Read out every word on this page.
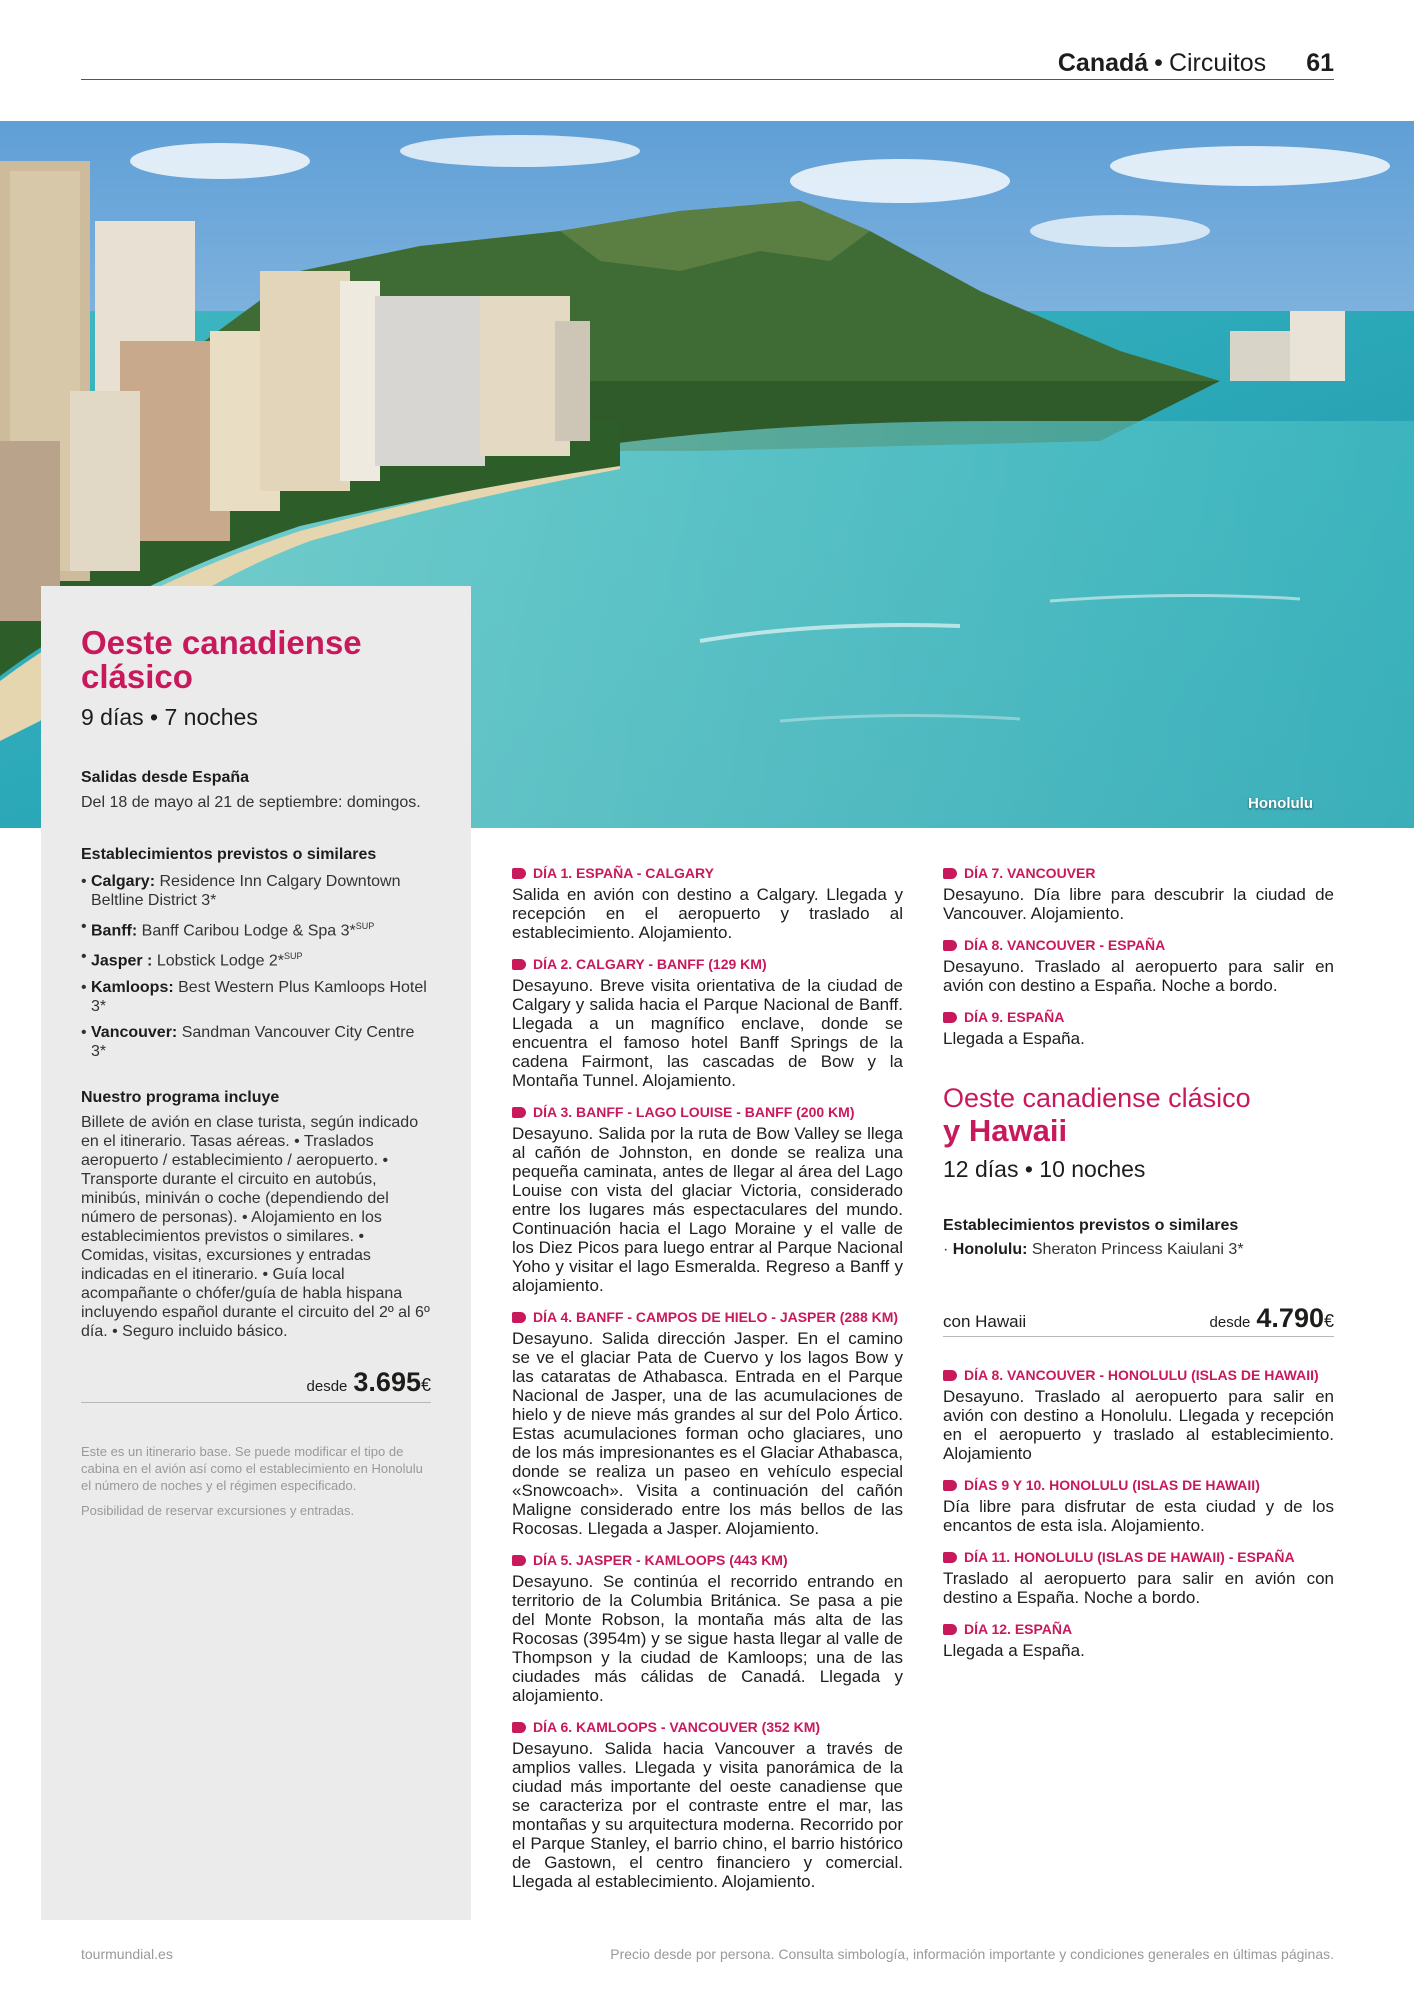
Canadá • Circuitos 61
Honolulu
Oeste canadiense
clásico
9 días • 7 noches
Salidas desde España
Del 18 de mayo al 21 de septiembre: domingos.
Establecimientos previstos o similares
• Calgary: Residence Inn Calgary Downtown Beltline District 3*
• Banff: Banff Caribou Lodge & Spa 3*$^{SUP}$
• Jasper : Lobstick Lodge 2*$^{SUP}$
• Kamloops: Best Western Plus Kamloops Hotel 3*
• Vancouver: Sandman Vancouver City Centre 3*
Nuestro programa incluye
Billete de avión en clase turista, según indicado en el itinerario. Tasas aéreas. • Traslados aeropuerto / establecimiento / aeropuerto. • Transporte durante el circuito en autobús, minibús, miniván o coche (dependiendo del número de personas). • Alojamiento en los establecimientos previstos o similares. • Comidas, visitas, excursiones y entradas indicadas en el itinerario. • Guía local acompañante o chófer/guía de habla hispana incluyendo español durante el circuito del 2º al 6º día. • Seguro incluido básico.
desde 3.695€
Este es un itinerario base. Se puede modificar el tipo de cabina en el avión así como el establecimiento en Honolulu el número de noches y el régimen especificado.
Posibilidad de reservar excursiones y entradas.
DÍA 1. ESPAÑA - CALGARY
Salida en avión con destino a Calgary. Llegada y recepción en el aeropuerto y traslado al establecimiento. Alojamiento.
DÍA 2. CALGARY - BANFF (129 KM)
Desayuno. Breve visita orientativa de la ciudad de Calgary y salida hacia el Parque Nacional de Banff. Llegada a un magnífico enclave, donde se encuentra el famoso hotel Banff Springs de la cadena Fairmont, las cascadas de Bow y la Montaña Tunnel. Alojamiento.
DÍA 3. BANFF - LAGO LOUISE - BANFF (200 KM)
Desayuno. Salida por la ruta de Bow Valley se llega al cañón de Johnston, en donde se realiza una pequeña caminata, antes de llegar al área del Lago Louise con vista del glaciar Victoria, considerado entre los lugares más espectaculares del mundo. Continuación hacia el Lago Moraine y el valle de los Diez Picos para luego entrar al Parque Nacional Yoho y visitar el lago Esmeralda. Regreso a Banff y alojamiento.
DÍA 4. BANFF - CAMPOS DE HIELO - JASPER (288 KM)
Desayuno. Salida dirección Jasper. En el camino se ve el glaciar Pata de Cuervo y los lagos Bow y las cataratas de Athabasca. Entrada en el Parque Nacional de Jasper, una de las acumulaciones de hielo y de nieve más grandes al sur del Polo Ártico. Estas acumulaciones forman ocho glaciares, uno de los más impresionantes es el Glaciar Athabasca, donde se realiza un paseo en vehículo especial «Snowcoach». Visita a continuación del cañón Maligne considerado entre los más bellos de las Rocosas. Llegada a Jasper. Alojamiento.
DÍA 5. JASPER - KAMLOOPS (443 KM)
Desayuno. Se continúa el recorrido entrando en territorio de la Columbia Británica. Se pasa a pie del Monte Robson, la montaña más alta de las Rocosas (3954m) y se sigue hasta llegar al valle de Thompson y la ciudad de Kamloops; una de las ciudades más cálidas de Canadá. Llegada y alojamiento.
DÍA 6. KAMLOOPS - VANCOUVER (352 KM)
Desayuno. Salida hacia Vancouver a través de amplios valles. Llegada y visita panorámica de la ciudad más importante del oeste canadiense que se caracteriza por el contraste entre el mar, las montañas y su arquitectura moderna. Recorrido por el Parque Stanley, el barrio chino, el barrio histórico de Gastown, el centro financiero y comercial. Llegada al establecimiento. Alojamiento.
DÍA 7. VANCOUVER
Desayuno. Día libre para descubrir la ciudad de Vancouver. Alojamiento.
DÍA 8. VANCOUVER - ESPAÑA
Desayuno. Traslado al aeropuerto para salir en avión con destino a España. Noche a bordo.
DÍA 9. ESPAÑA
Llegada a España.
Oeste canadiense clásico
y Hawaii
12 días • 10 noches
Establecimientos previstos o similares
· Honolulu: Sheraton Princess Kaiulani 3*
con Hawaii	desde 4.790€
DÍA 8. VANCOUVER - HONOLULU (ISLAS DE HAWAII)
Desayuno. Traslado al aeropuerto para salir en avión con destino a Honolulu. Llegada y recepción en el aeropuerto y traslado al establecimiento. Alojamiento
DÍAS 9 Y 10. HONOLULU (ISLAS DE HAWAII)
Día libre para disfrutar de esta ciudad y de los encantos de esta isla. Alojamiento.
DÍA 11. HONOLULU (ISLAS DE HAWAII) - ESPAÑA
Traslado al aeropuerto para salir en avión con destino a España. Noche a bordo.
DÍA 12. ESPAÑA
Llegada a España.
tourmundial.es	Precio desde por persona. Consulta simbología, información importante y condiciones generales en últimas páginas.
